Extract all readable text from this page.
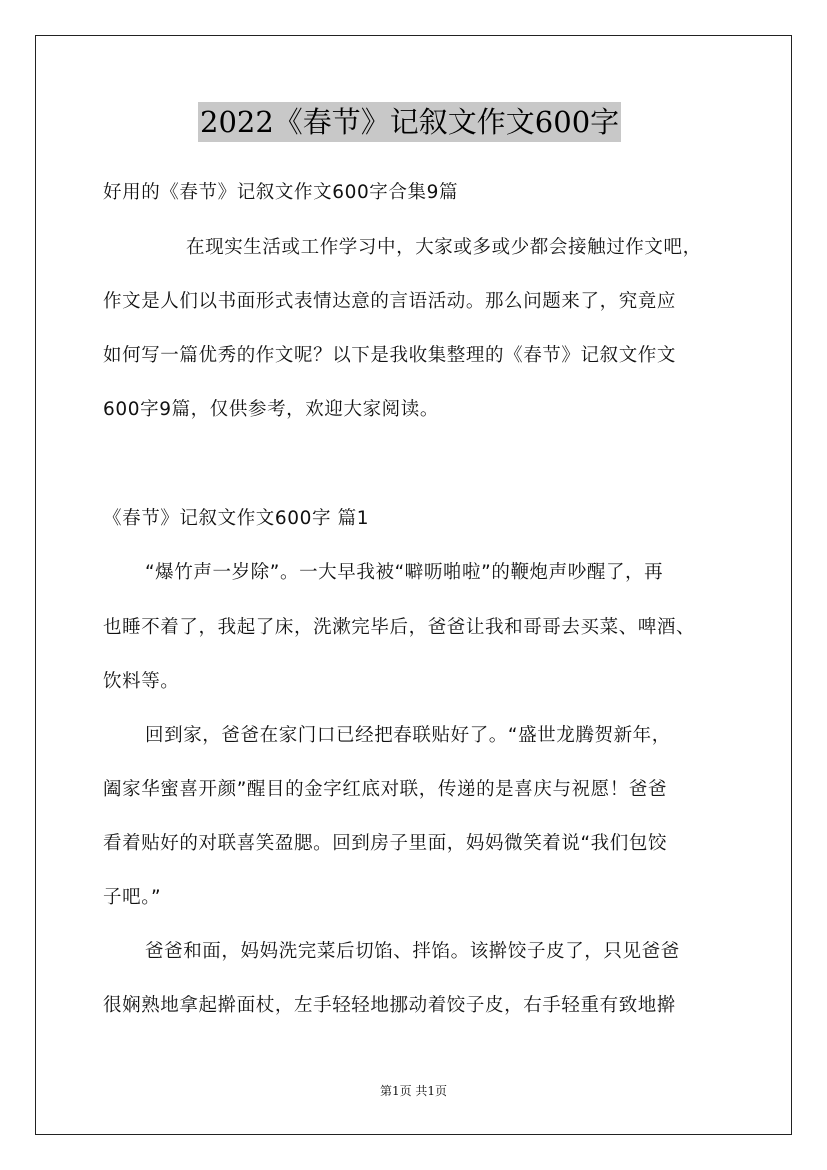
2022《春节》记叙文作文600字
好用的《春节》记叙文作文600字合集9篇
在现实生活或工作学习中，大家或多或少都会接触过作文吧，
作文是人们以书面形式表情达意的言语活动。那么问题来了，究竟应
如何写一篇优秀的作文呢？以下是我收集整理的《春节》记叙文作文
600字9篇，仅供参考，欢迎大家阅读。
《春节》记叙文作文600字 篇1
“爆竹声一岁除”。一大早我被“噼呖啪啦”的鞭炮声吵醒了，再
也睡不着了，我起了床，洗漱完毕后，爸爸让我和哥哥去买菜、啤酒、
饮料等。
回到家，爸爸在家门口已经把春联贴好了。“盛世龙腾贺新年，
阖家华蜜喜开颜”醒目的金字红底对联，传递的是喜庆与祝愿！爸爸
看着贴好的对联喜笑盈腮。回到房子里面，妈妈微笑着说“我们包饺
子吧。”
爸爸和面，妈妈洗完菜后切馅、拌馅。该擀饺子皮了，只见爸爸
很娴熟地拿起擀面杖，左手轻轻地挪动着饺子皮，右手轻重有致地擀
第1页 共1页
